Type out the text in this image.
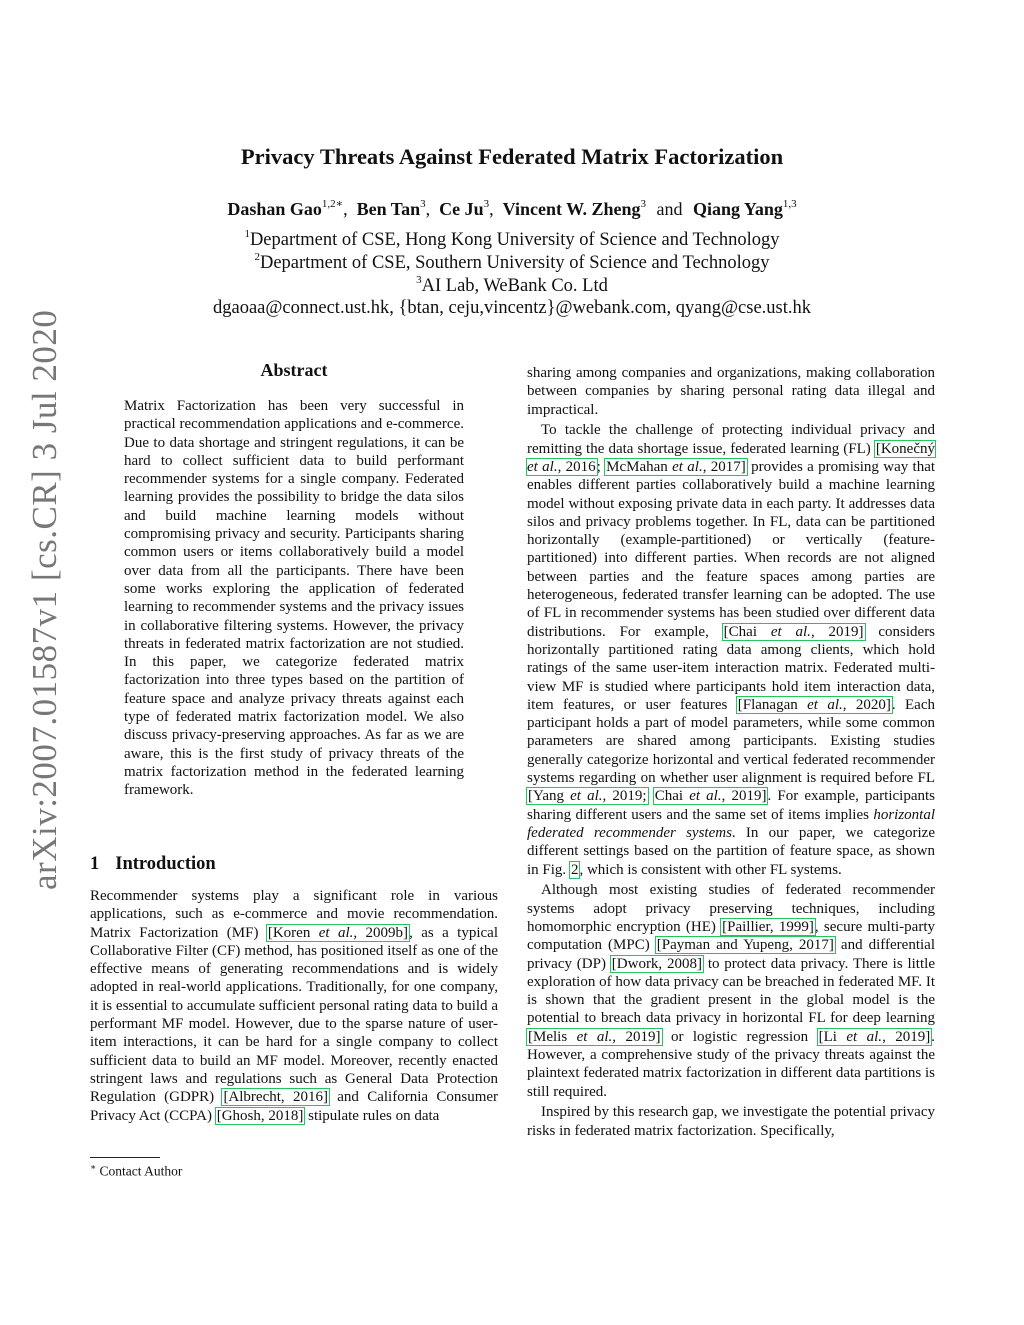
arXiv:2007.01587v1 [cs.CR] 3 Jul 2020
Privacy Threats Against Federated Matrix Factorization
Dashan Gao$^{1,2∗}$,  Ben Tan$^3$,  Ce Ju$^3$,  Vincent W. Zheng$^3$ and Qiang Yang$^{1,3}$
$^1$Department of CSE, Hong Kong University of Science and Technology
$^2$Department of CSE, Southern University of Science and Technology
$^3$AI Lab, WeBank Co. Ltd
dgaoaa@connect.ust.hk, {btan, ceju,vincentz}@webank.com, qyang@cse.ust.hk
Abstract

Matrix Factorization has been very successful in practical recommendation applications and e-commerce. Due to data shortage and stringent regulations, it can be hard to collect sufficient data to build performant recommender systems for a single company. Federated learning provides the possibility to bridge the data silos and build machine learning models without compromising privacy and security. Participants sharing common users or items collaboratively build a model over data from all the participants. There have been some works exploring the application of federated learning to recommender systems and the privacy issues in collaborative filtering systems. However, the privacy threats in federated matrix factorization are not studied. In this paper, we categorize federated matrix factorization into three types based on the partition of feature space and analyze privacy threats against each type of federated matrix factorization model. We also discuss privacy-preserving approaches. As far as we are aware, this is the first study of privacy threats of the matrix factorization method in the federated learning framework.

1 Introduction

Recommender systems play a significant role in various applications, such as e-commerce and movie recommendation. Matrix Factorization (MF) [Koren et al., 2009b], as a typical Collaborative Filter (CF) method, has positioned itself as one of the effective means of generating recommendations and is widely adopted in real-world applications. Traditionally, for one company, it is essential to accumulate sufficient personal rating data to build a performant MF model. However, due to the sparse nature of user-item interactions, it can be hard for a single company to collect sufficient data to build an MF model. Moreover, recently enacted stringent laws and regulations such as General Data Protection Regulation (GDPR) [Albrecht, 2016] and California Consumer Privacy Act (CCPA) [Ghosh, 2018] stipulate rules on data

sharing among companies and organizations, making collaboration between companies by sharing personal rating data illegal and impractical.

To tackle the challenge of protecting individual privacy and remitting the data shortage issue, federated learning (FL) [Konečný et al., 2016; McMahan et al., 2017] provides a promising way that enables different parties collaboratively build a machine learning model without exposing private data in each party. It addresses data silos and privacy problems together. In FL, data can be partitioned horizontally (example-partitioned) or vertically (feature-partitioned) into different parties. When records are not aligned between parties and the feature spaces among parties are heterogeneous, federated transfer learning can be adopted. The use of FL in recommender systems has been studied over different data distributions. For example, [Chai et al., 2019] considers horizontally partitioned rating data among clients, which hold ratings of the same user-item interaction matrix. Federated multi-view MF is studied where participants hold item interaction data, item features, or user features [Flanagan et al., 2020]. Each participant holds a part of model parameters, while some common parameters are shared among participants. Existing studies generally categorize horizontal and vertical federated recommender systems regarding on whether user alignment is required before FL [Yang et al., 2019; Chai et al., 2019]. For example, participants sharing different users and the same set of items implies horizontal federated recommender systems. In our paper, we categorize different settings based on the partition of feature space, as shown in Fig. 2, which is consistent with other FL systems.

Although most existing studies of federated recommender systems adopt privacy preserving techniques, including homomorphic encryption (HE) [Paillier, 1999], secure multi-party computation (MPC) [Payman and Yupeng, 2017] and differential privacy (DP) [Dwork, 2008] to protect data privacy. There is little exploration of how data privacy can be breached in federated MF. It is shown that the gradient present in the global model is the potential to breach data privacy in horizontal FL for deep learning [Melis et al., 2019] or logistic regression [Li et al., 2019]. However, a comprehensive study of the privacy threats against the plaintext federated matrix factorization in different data partitions is still required.

Inspired by this research gap, we investigate the potential privacy risks in federated matrix factorization. Specifically,

∗ Contact Author
